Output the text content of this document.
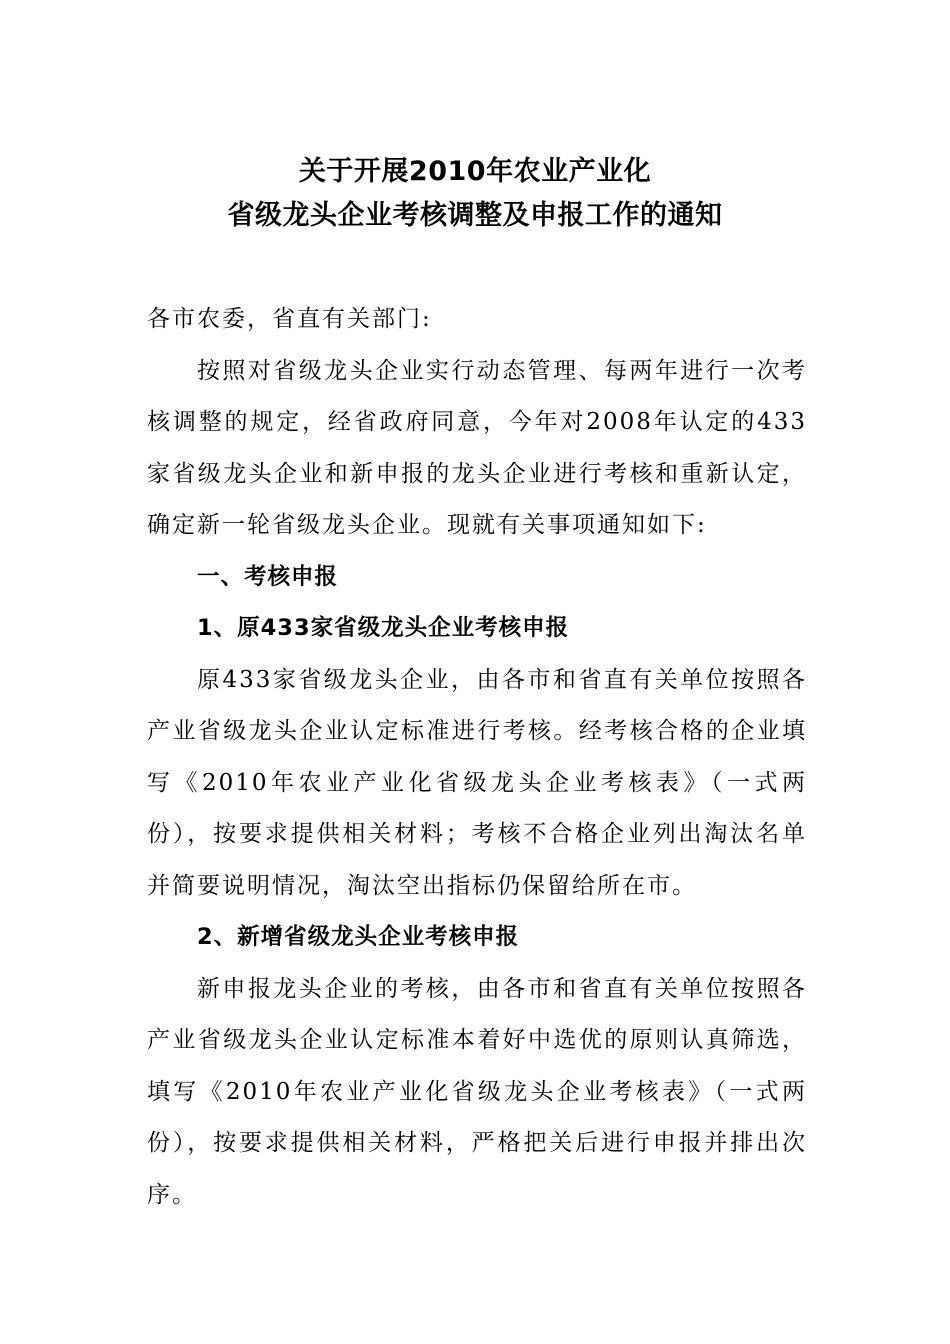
关于开展2010年农业产业化
省级龙头企业考核调整及申报工作的通知

各市农委，省直有关部门:

按照对省级龙头企业实行动态管理、每两年进行一次考核调整的规定，经省政府同意，今年对2008年认定的433家省级龙头企业和新申报的龙头企业进行考核和重新认定，确定新一轮省级龙头企业。现就有关事项通知如下:

一、考核申报

1、原433家省级龙头企业考核申报

原433家省级龙头企业，由各市和省直有关单位按照各产业省级龙头企业认定标准进行考核。经考核合格的企业填写《2010年农业产业化省级龙头企业考核表》（一式两份），按要求提供相关材料；考核不合格企业列出淘汰名单并简要说明情况，淘汰空出指标仍保留给所在市。

2、新增省级龙头企业考核申报

新申报龙头企业的考核，由各市和省直有关单位按照各产业省级龙头企业认定标准本着好中选优的原则认真筛选，填写《2010年农业产业化省级龙头企业考核表》（一式两份），按要求提供相关材料，严格把关后进行申报并排出次序。
